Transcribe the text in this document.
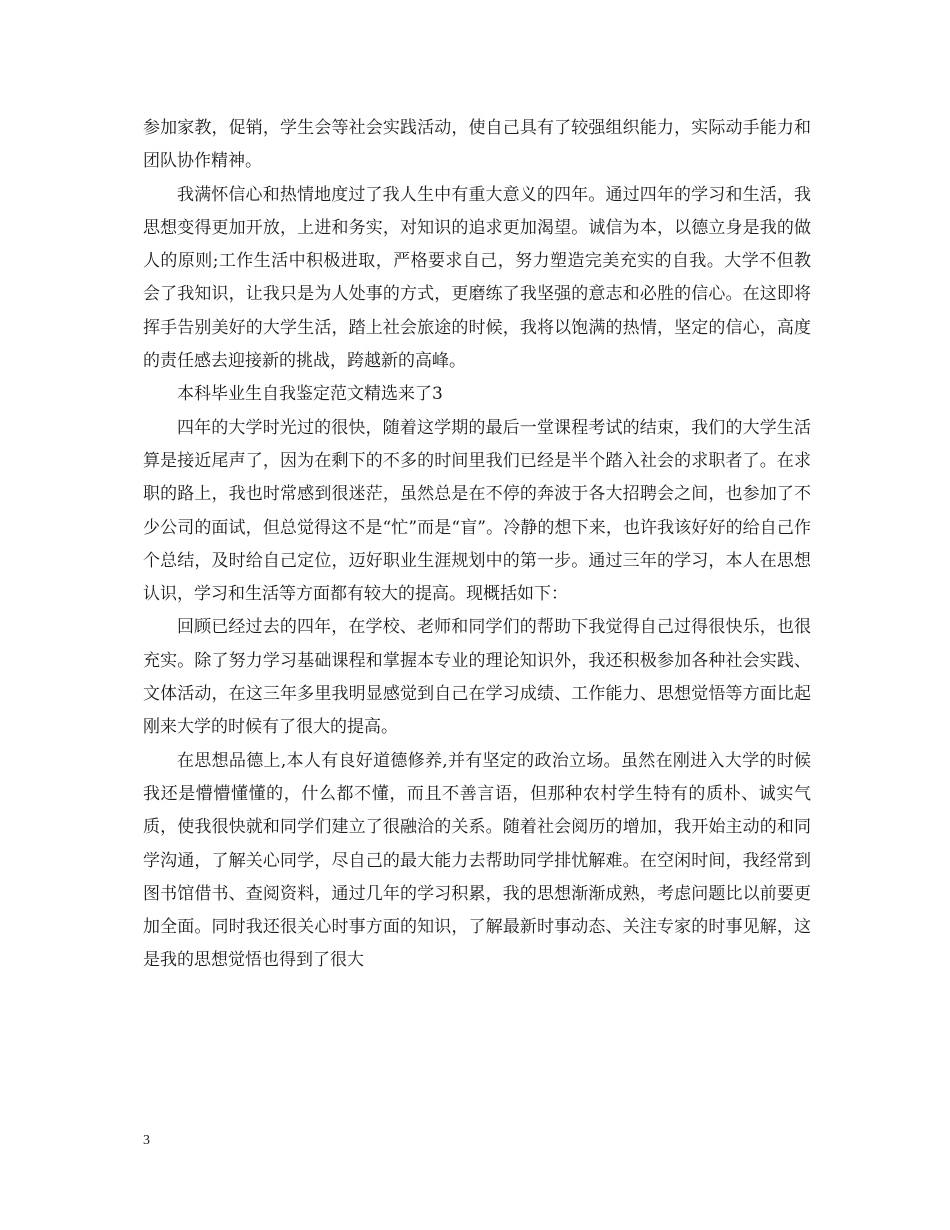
参加家教，促销，学生会等社会实践活动，使自己具有了较强组织能力，实际动手能力和团队协作精神。

我满怀信心和热情地度过了我人生中有重大意义的四年。通过四年的学习和生活，我思想变得更加开放，上进和务实，对知识的追求更加渴望。诚信为本，以德立身是我的做人的原则;工作生活中积极进取，严格要求自己，努力塑造完美充实的自我。大学不但教会了我知识，让我只是为人处事的方式，更磨练了我坚强的意志和必胜的信心。在这即将挥手告别美好的大学生活，踏上社会旅途的时候，我将以饱满的热情，坚定的信心，高度的责任感去迎接新的挑战，跨越新的高峰。

本科毕业生自我鉴定范文精选来了3

四年的大学时光过的很快，随着这学期的最后一堂课程考试的结束，我们的大学生活算是接近尾声了，因为在剩下的不多的时间里我们已经是半个踏入社会的求职者了。在求职的路上，我也时常感到很迷茫，虽然总是在不停的奔波于各大招聘会之间，也参加了不少公司的面试，但总觉得这不是“忙”而是“盲”。冷静的想下来，也许我该好好的给自己作个总结，及时给自己定位，迈好职业生涯规划中的第一步。通过三年的学习，本人在思想认识，学习和生活等方面都有较大的提高。现概括如下：

回顾已经过去的四年，在学校、老师和同学们的帮助下我觉得自己过得很快乐，也很充实。除了努力学习基础课程和掌握本专业的理论知识外，我还积极参加各种社会实践、文体活动，在这三年多里我明显感觉到自己在学习成绩、工作能力、思想觉悟等方面比起刚来大学的时候有了很大的提高。

在思想品德上,本人有良好道德修养,并有坚定的政治立场。虽然在刚进入大学的时候我还是懵懵懂懂的，什么都不懂，而且不善言语，但那种农村学生特有的质朴、诚实气质，使我很快就和同学们建立了很融洽的关系。随着社会阅历的增加，我开始主动的和同学沟通，了解关心同学，尽自己的最大能力去帮助同学排忧解难。在空闲时间，我经常到图书馆借书、查阅资料，通过几年的学习积累，我的思想渐渐成熟，考虑问题比以前要更加全面。同时我还很关心时事方面的知识，了解最新时事动态、关注专家的时事见解，这是我的思想觉悟也得到了很大

3
